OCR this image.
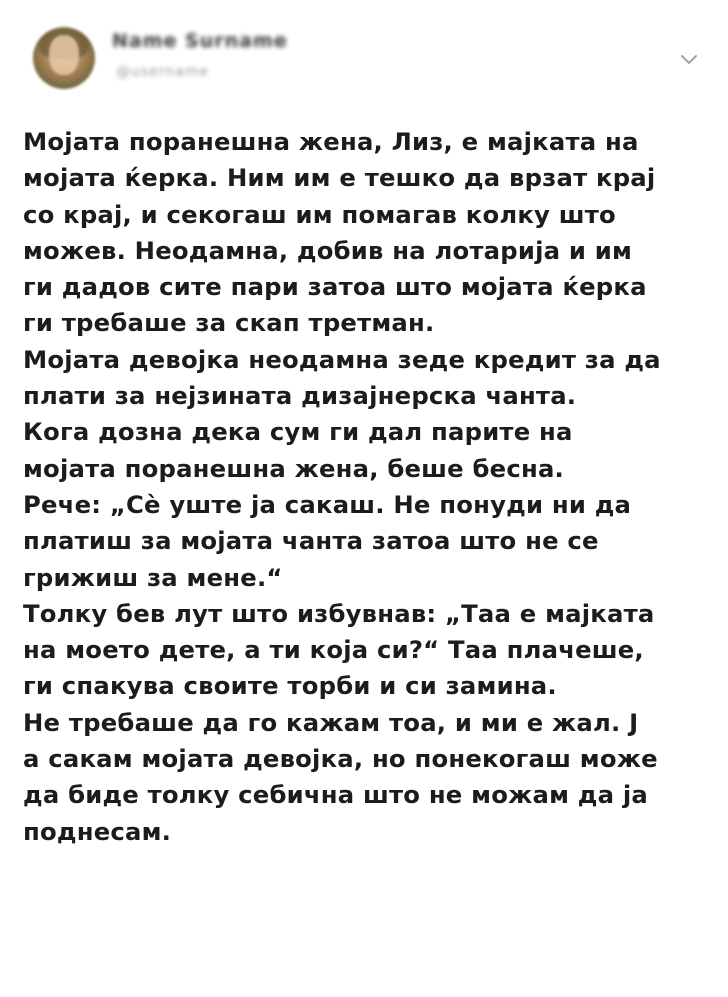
Name Surname
@username
Мојата поранешна жена, Лиз, е мајката на
мојата ќерка. Ним им е тешко да врзат крај
со крај, и секогаш им помагав колку што
можев. Неодамна, добив на лотарија и им
ги дадов сите пари затоа што мојата ќерка
ги требаше за скап третман.
Мојата девојка неодамна зеде кредит за да
плати за нејзината дизајнерска чанта.
Кога дозна дека сум ги дал парите на
мојата поранешна жена, беше бесна.
Рече: „Сè уште ја сакаш. Не понуди ни да
платиш за мојата чанта затоа што не се
грижиш за мене.“
Толку бев лут што избувнав: „Таа е мајката
на моето дете, а ти која си?“ Таа плачеше,
ги спакува своите торби и си замина.
Не требаше да го кажам тоа, и ми е жал. Ј
а сакам мојата девојка, но понекогаш може
да биде толку себична што не можам да ја
поднесам.
